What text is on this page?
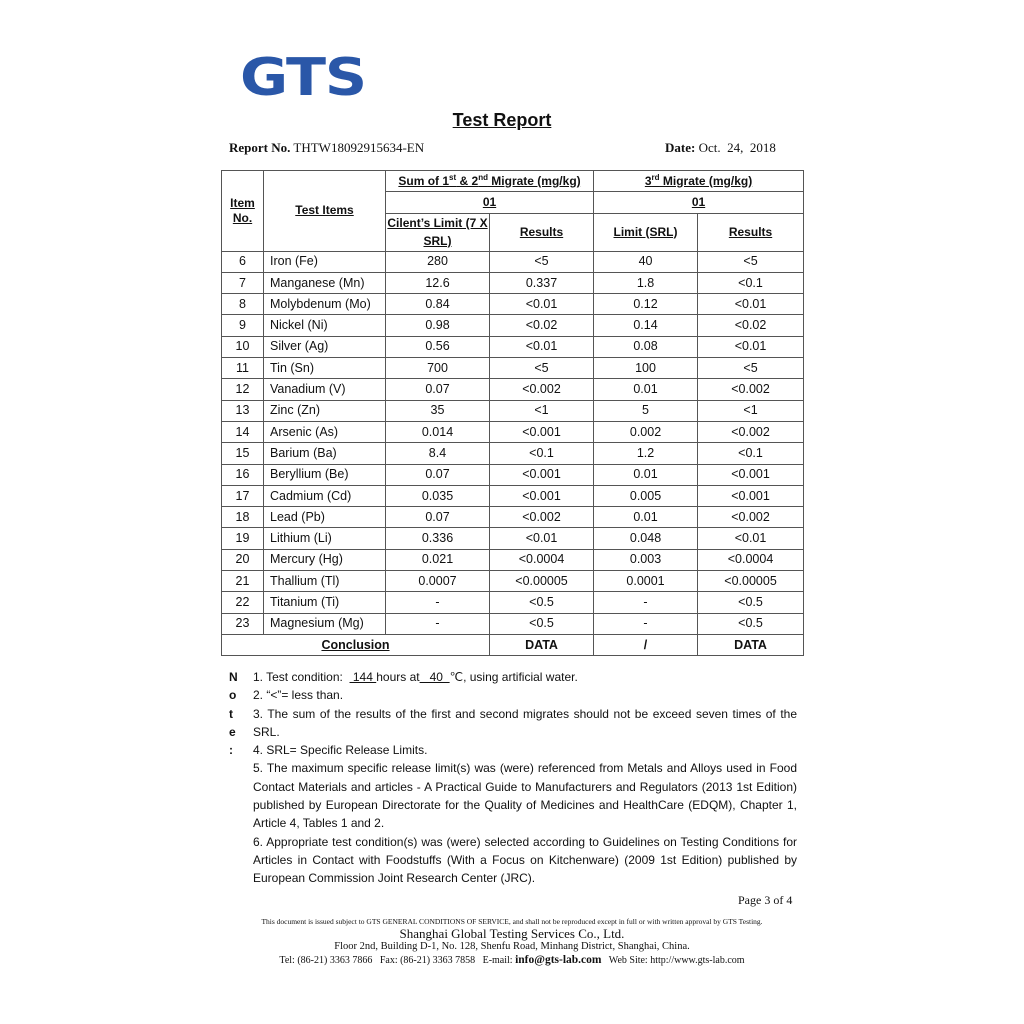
GTS
Test Report
Report No. THTW18092915634-EN	Date: Oct.  24,  2018
Item No.	Test Items	Sum of 1st & 2nd Migrate (mg/kg)		3rd Migrate (mg/kg)	
		01		01	
		Cilent’s Limit (7 X SRL)	Results	Limit (SRL)	Results
6	Iron (Fe)	280	<5	40	<5
7	Manganese (Mn)	12.6	0.337	1.8	<0.1
8	Molybdenum (Mo)	0.84	<0.01	0.12	<0.01
9	Nickel (Ni)	0.98	<0.02	0.14	<0.02
10	Silver (Ag)	0.56	<0.01	0.08	<0.01
11	Tin (Sn)	700	<5	100	<5
12	Vanadium (V)	0.07	<0.002	0.01	<0.002
13	Zinc (Zn)	35	<1	5	<1
14	Arsenic (As)	0.014	<0.001	0.002	<0.002
15	Barium (Ba)	8.4	<0.1	1.2	<0.1
16	Beryllium (Be)	0.07	<0.001	0.01	<0.001
17	Cadmium (Cd)	0.035	<0.001	0.005	<0.001
18	Lead (Pb)	0.07	<0.002	0.01	<0.002
19	Lithium (Li)	0.336	<0.01	0.048	<0.01
20	Mercury (Hg)	0.021	<0.0004	0.003	<0.0004
21	Thallium (Tl)	0.0007	<0.00005	0.0001	<0.00005
22	Titanium (Ti)	-	<0.5	-	<0.5
23	Magnesium (Mg)	-	<0.5	-	<0.5
Conclusion			DATA	/	DATA
N
o
t
e
:

1. Test condition:   144 hours at   40  ℃, using artificial water.

2. “<”= less than.

3. The sum of the results of the first and second migrates should not be exceed seven times of the SRL.

4. SRL= Specific Release Limits.

5. The maximum specific release limit(s) was (were) referenced from Metals and Alloys used in Food Contact Materials and articles - A Practical Guide to Manufacturers and Regulators (2013 1st Edition) published by European Directorate for the Quality of Medicines and HealthCare (EDQM), Chapter 1, Article 4, Tables 1 and 2.

6. Appropriate test condition(s) was (were) selected according to Guidelines on Testing Conditions for Articles in Contact with Foodstuffs (With a Focus on Kitchenware) (2009 1st Edition) published by European Commission Joint Research Center (JRC).

Page 3 of 4
This document is issued subject to GTS GENERAL CONDITIONS OF SERVICE, and shall not be reproduced except in full or with written approval by GTS Testing.
Shanghai Global Testing Services Co., Ltd.
Floor 2nd, Building D-1, No. 128, Shenfu Road, Minhang District, Shanghai, China.
Tel: (86-21) 3363 7866   Fax: (86-21) 3363 7858   E-mail: info@gts-lab.com   Web Site: http://www.gts-lab.com
